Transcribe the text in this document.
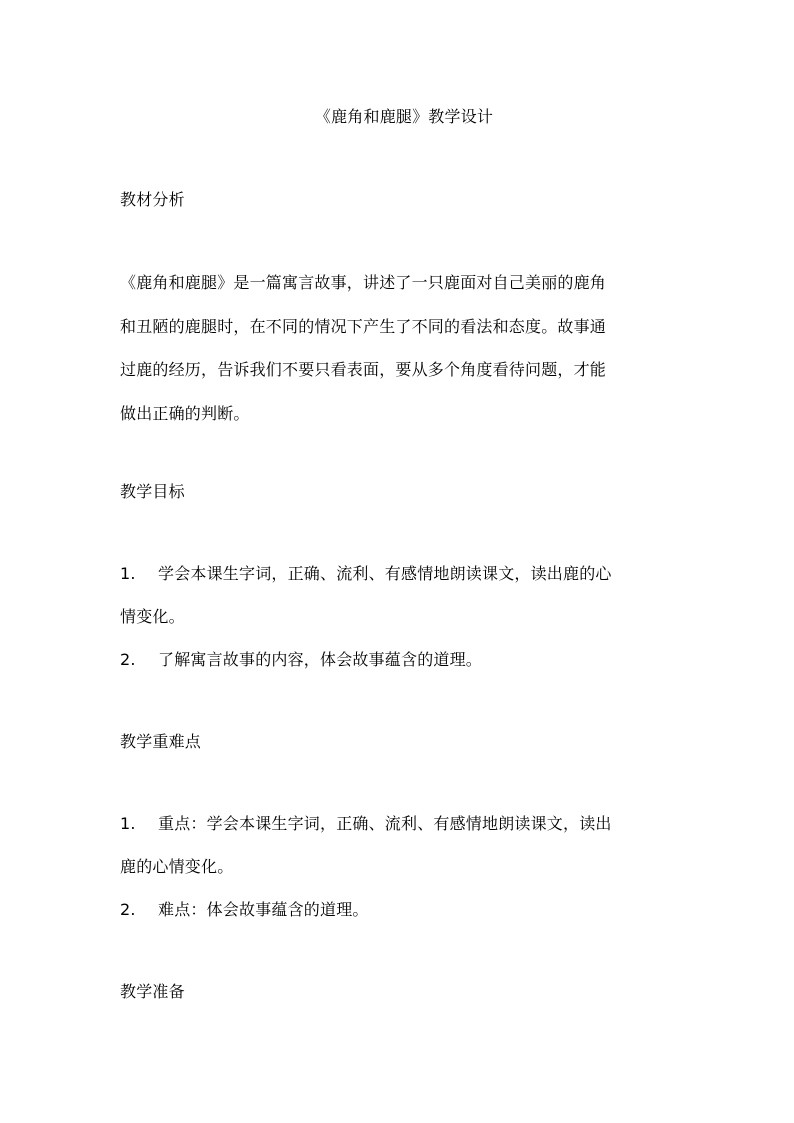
《鹿角和鹿腿》教学设计
教材分析
《鹿角和鹿腿》是一篇寓言故事，讲述了一只鹿面对自己美丽的鹿角
和丑陋的鹿腿时，在不同的情况下产生了不同的看法和态度。故事通
过鹿的经历，告诉我们不要只看表面，要从多个角度看待问题，才能
做出正确的判断。
教学目标
1. 学会本课生字词，正确、流利、有感情地朗读课文，读出鹿的心
情变化。
2. 了解寓言故事的内容，体会故事蕴含的道理。
教学重难点
1. 重点：学会本课生字词，正确、流利、有感情地朗读课文，读出
鹿的心情变化。
2. 难点：体会故事蕴含的道理。
教学准备
